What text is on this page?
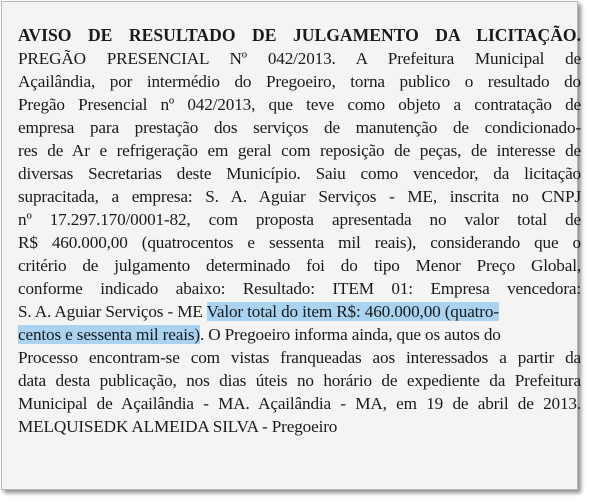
AVISO DE RESULTADO DE JULGAMENTO DA LICITAÇÃO.
PREGÃO PRESENCIAL Nº 042/2013. A Prefeitura Municipal de
Açailândia, por intermédio do Pregoeiro, torna publico o resultado do
Pregão Presencial nº 042/2013, que teve como objeto a contratação de
empresa para prestação dos serviços de manutenção de condicionado-
res de Ar e refrigeração em geral com reposição de peças, de interesse de
diversas Secretarias deste Município. Saiu como vencedor, da licitação
supracitada, a empresa: S. A. Aguiar Serviços - ME, inscrita no CNPJ
nº 17.297.170/0001-82, com proposta apresentada no valor total de
R$ 460.000,00 (quatrocentos e sessenta mil reais), considerando que o
critério de julgamento determinado foi do tipo Menor Preço Global,
conforme indicado abaixo: Resultado: ITEM 01: Empresa vencedora:
S. A. Aguiar Serviços - ME Valor total do item R$: 460.000,00 (quatro-
centos e sessenta mil reais). O Pregoeiro informa ainda, que os autos do
Processo encontram-se com vistas franqueadas aos interessados a partir da
data desta publicação, nos dias úteis no horário de expediente da Prefeitura
Municipal de Açailândia - MA. Açailândia - MA, em 19 de abril de 2013.
MELQUISEDK ALMEIDA SILVA - Pregoeiro
